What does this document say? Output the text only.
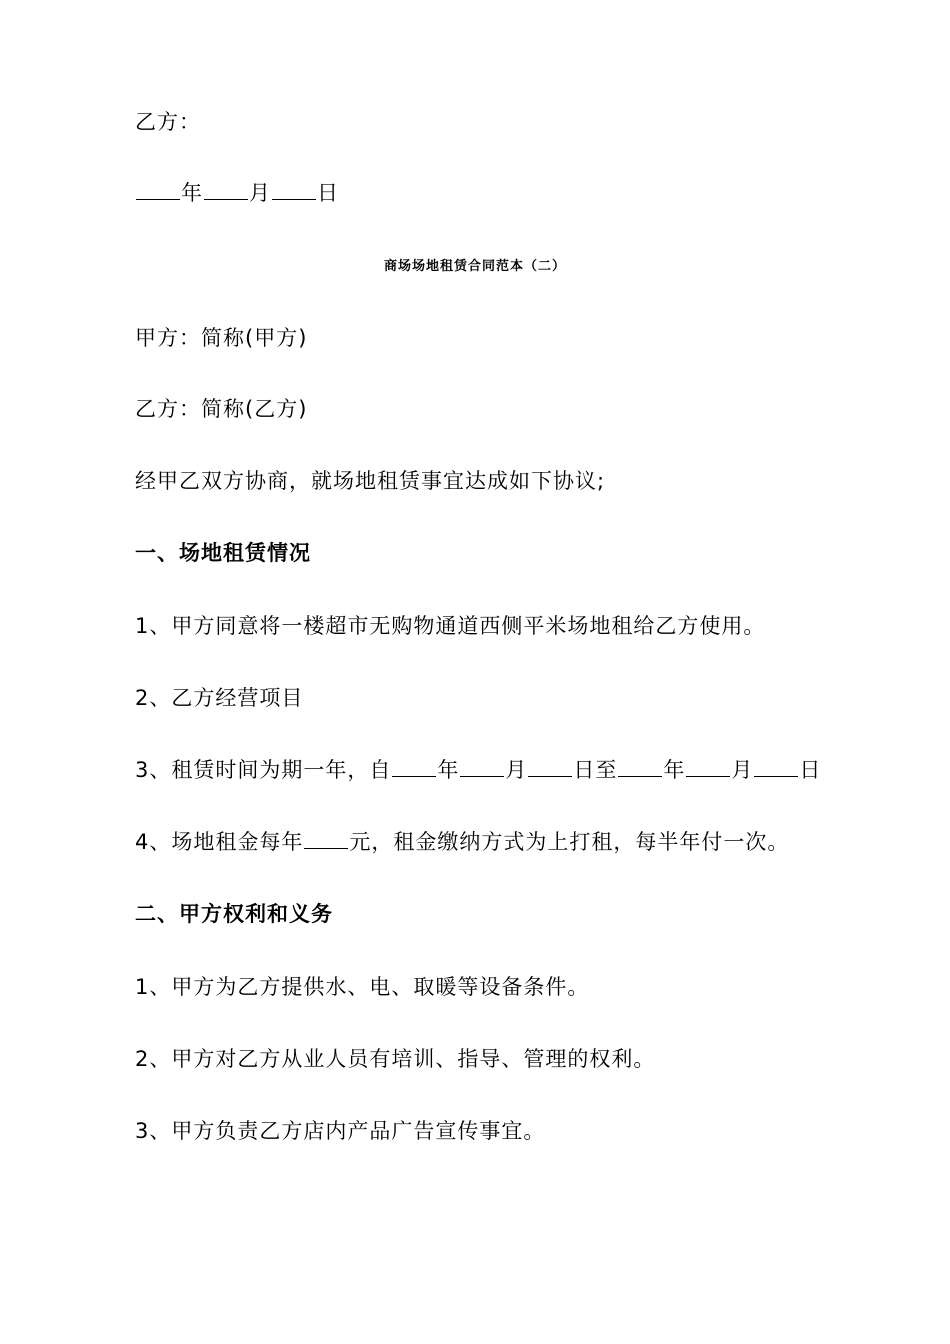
乙方：
年 月 日
商场场地租赁合同范本（二）
甲方：简称(甲方)
乙方：简称(乙方)
经甲乙双方协商，就场地租赁事宜达成如下协议;
一、场地租赁情况
1、甲方同意将一楼超市无购物通道西侧平米场地租给乙方使用。
2、乙方经营项目
3、租赁时间为期一年，自 年 月 日至 年 月 日
4、场地租金每年 元，租金缴纳方式为上打租，每半年付一次。
二、甲方权利和义务
1、甲方为乙方提供水、电、取暖等设备条件。
2、甲方对乙方从业人员有培训、指导、管理的权利。
3、甲方负责乙方店内产品广告宣传事宜。
